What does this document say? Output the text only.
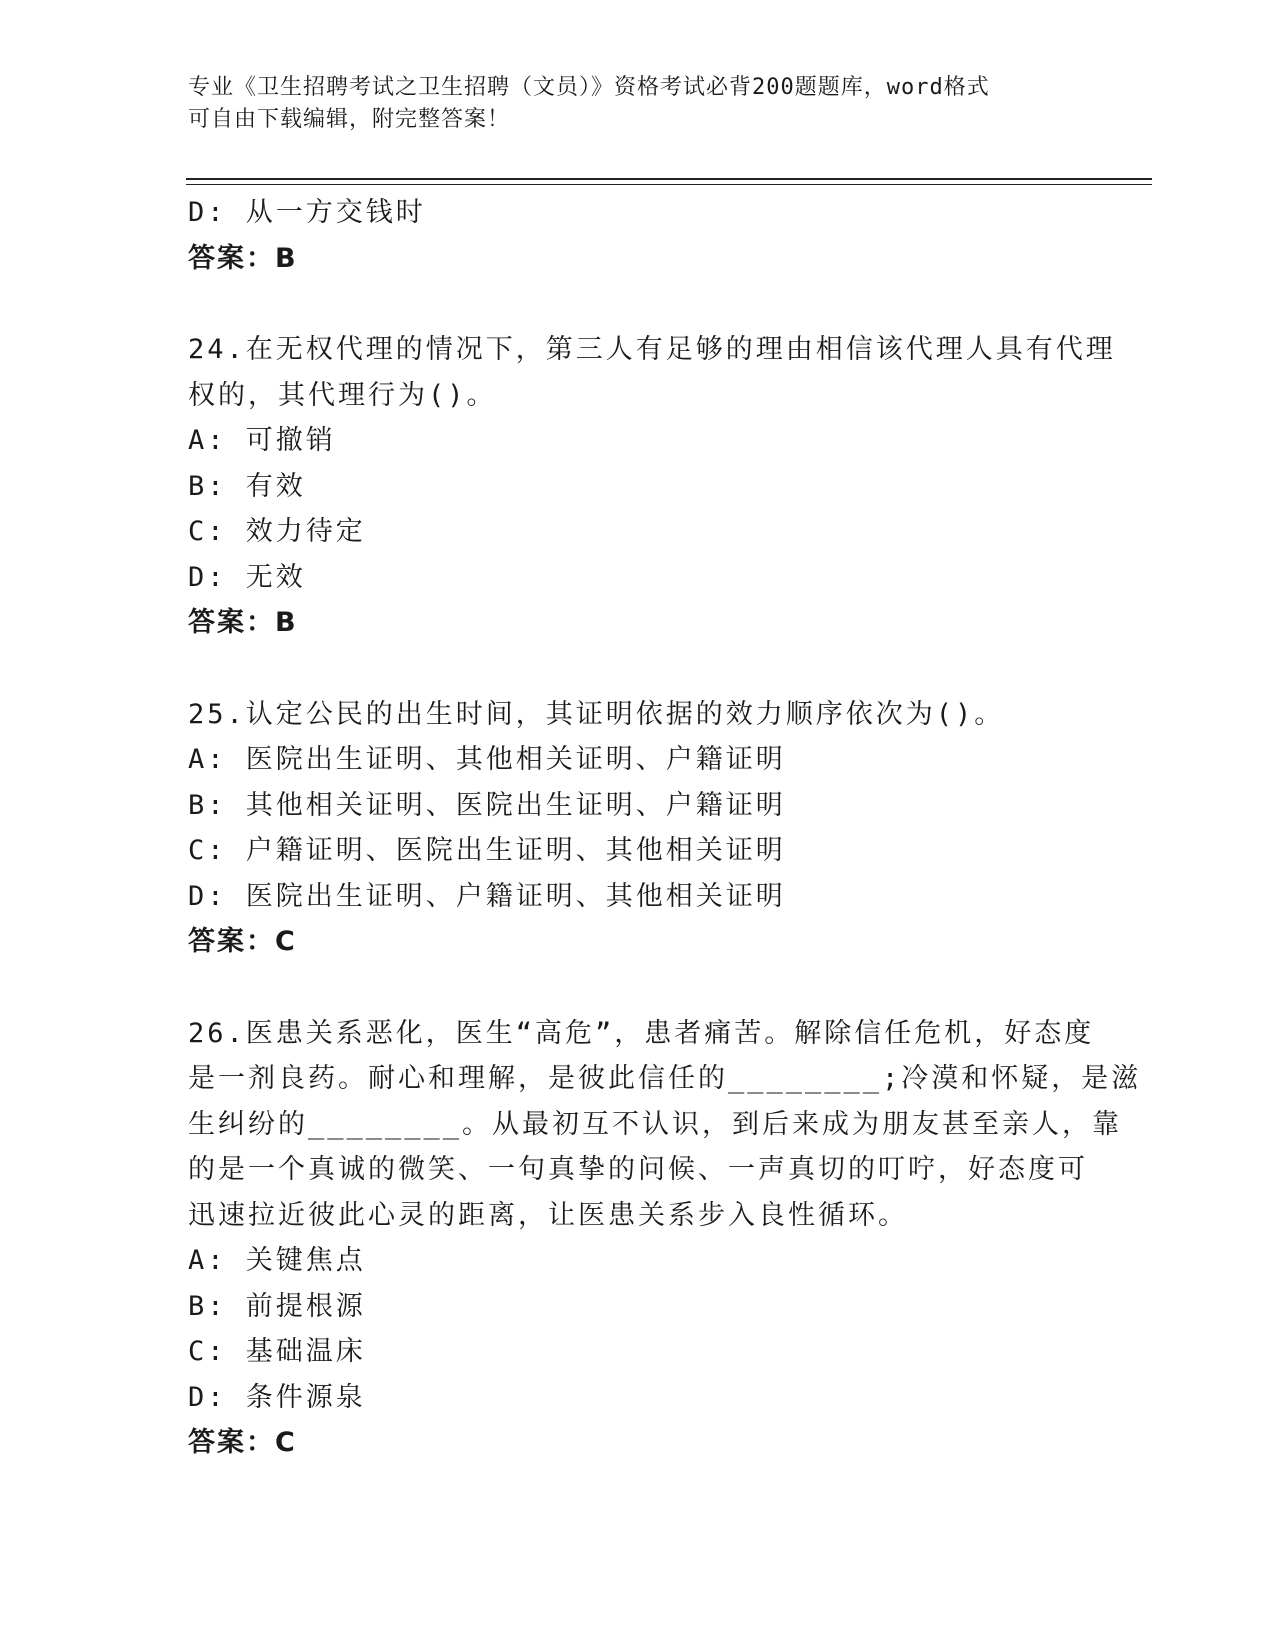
专业《卫生招聘考试之卫生招聘（文员）》资格考试必背200题题库，word格式
可自由下载编辑，附完整答案！
D: 从一方交钱时
答案：B
24.在无权代理的情况下，第三人有足够的理由相信该代理人具有代理
权的，其代理行为()。
A: 可撤销
B: 有效
C: 效力待定
D: 无效
答案：B
25.认定公民的出生时间，其证明依据的效力顺序依次为()。
A: 医院出生证明、其他相关证明、户籍证明
B: 其他相关证明、医院出生证明、户籍证明
C: 户籍证明、医院出生证明、其他相关证明
D: 医院出生证明、户籍证明、其他相关证明
答案：C
26.医患关系恶化，医生“高危”，患者痛苦。解除信任危机，好态度
是一剂良药。耐心和理解，是彼此信任的________;冷漠和怀疑，是滋
生纠纷的________。从最初互不认识，到后来成为朋友甚至亲人，靠
的是一个真诚的微笑、一句真挚的问候、一声真切的叮咛，好态度可
迅速拉近彼此心灵的距离，让医患关系步入良性循环。
A: 关键焦点
B: 前提根源
C: 基础温床
D: 条件源泉
答案：C
